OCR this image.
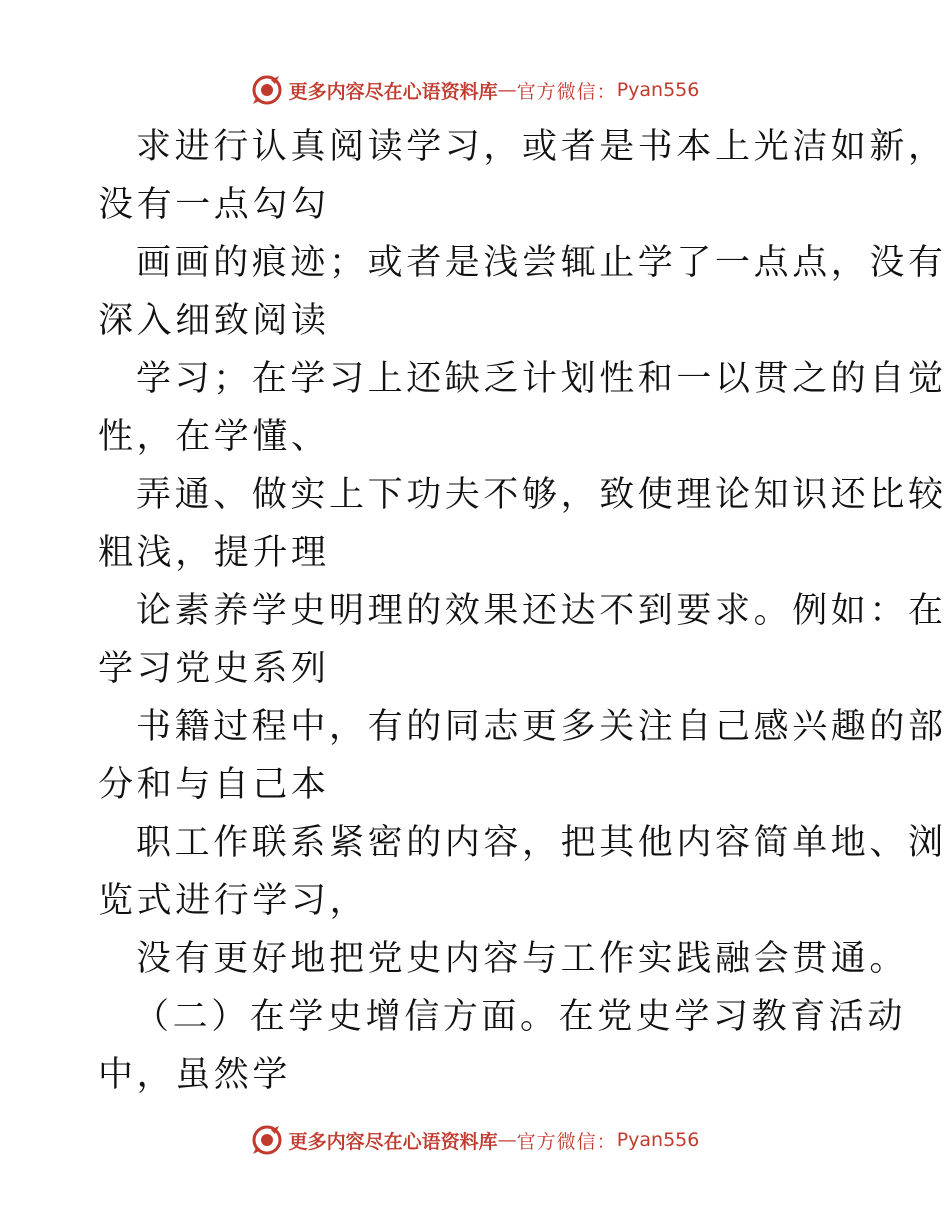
更多内容尽在心语资料库 — 官方微信： Pyan556
求进行认真阅读学习，或者是书本上光洁如新，
没有一点勾勾
画画的痕迹；或者是浅尝辄止学了一点点，没有
深入细致阅读
学习；在学习上还缺乏计划性和一以贯之的自觉
性，在学懂、
弄通、做实上下功夫不够，致使理论知识还比较
粗浅，提升理
论素养学史明理的效果还达不到要求。例如：在
学习党史系列
书籍过程中，有的同志更多关注自己感兴趣的部
分和与自己本
职工作联系紧密的内容，把其他内容简单地、浏
览式进行学习，
没有更好地把党史内容与工作实践融会贯通。
（二）在学史增信方面。在党史学习教育活动
中，虽然学
更多内容尽在心语资料库 — 官方微信： Pyan556
